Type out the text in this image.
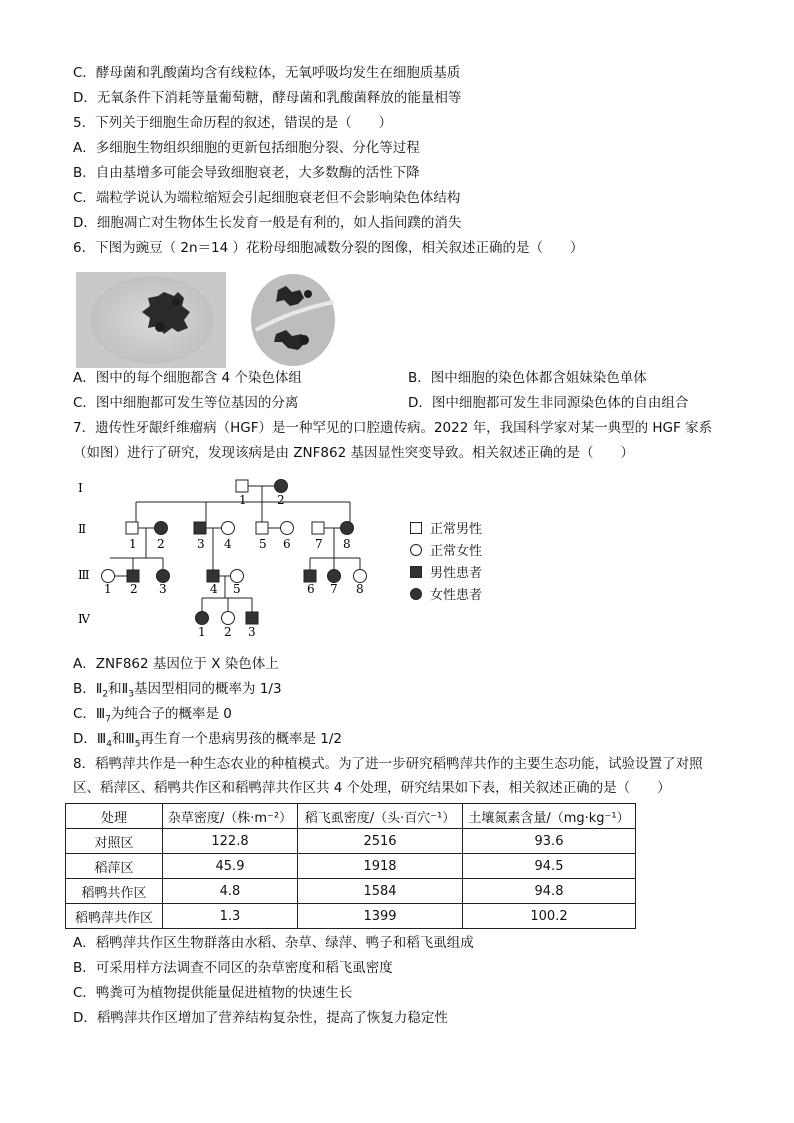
C．酵母菌和乳酸菌均含有线粒体，无氧呼吸均发生在细胞质基质
D．无氧条件下消耗等量葡萄糖，酵母菌和乳酸菌释放的能量相等
5．下列关于细胞生命历程的叙述，错误的是（　　）
A．多细胞生物组织细胞的更新包括细胞分裂、分化等过程
B．自由基增多可能会导致细胞衰老，大多数酶的活性下降
C．端粒学说认为端粒缩短会引起细胞衰老但不会影响染色体结构
D．细胞凋亡对生物体生长发育一般是有利的，如人指间蹼的消失
6．下图为豌豆（ 2n＝14 ）花粉母细胞减数分裂的图像，相关叙述正确的是（　　）
A．图中的每个细胞都含 4 个染色体组	B．图中细胞的染色体都含姐妹染色单体
C．图中细胞都可发生等位基因的分离	D．图中细胞都可发生非同源染色体的自由组合
7．遗传性牙龈纤维瘤病（HGF）是一种罕见的口腔遗传病。2022 年，我国科学家对某一典型的 HGF 家系
（如图）进行了研究，发现该病是由 ZNF862 基因显性突变导致。相关叙述正确的是（　　）
Ⅰ
Ⅱ
Ⅲ
Ⅳ
1	2
1 2	3 4 5 6 7 8
1 2 3	4 5	6 7 8
1 2 3
正常男性
正常女性
男性患者
女性患者
A．ZNF862 基因位于 X 染色体上
B．$Ⅱ_2$和$Ⅱ_3$基因型相同的概率为 1/3
C．$Ⅲ_7$为纯合子的概率是 0
D．$Ⅲ_4$和$Ⅲ_5$再生育一个患病男孩的概率是 1/2
8．稻鸭萍共作是一种生态农业的种植模式。为了进一步研究稻鸭萍共作的主要生态功能，试验设置了对照
区、稻萍区、稻鸭共作区和稻鸭萍共作区共 4 个处理，研究结果如下表，相关叙述正确的是（　　）
处理	杂草密度/（株·m⁻²）	稻飞虱密度/（头·百穴⁻¹）	土壤氮素含量/（mg·kg⁻¹）
对照区	122.8	2516	93.6
稻萍区	45.9	1918	94.5
稻鸭共作区	4.8	1584	94.8
稻鸭萍共作区	1.3	1399	100.2
A．稻鸭萍共作区生物群落由水稻、杂草、绿萍、鸭子和稻飞虱组成
B．可采用样方法调查不同区的杂草密度和稻飞虱密度
C．鸭粪可为植物提供能量促进植物的快速生长
D．稻鸭萍共作区增加了营养结构复杂性，提高了恢复力稳定性
